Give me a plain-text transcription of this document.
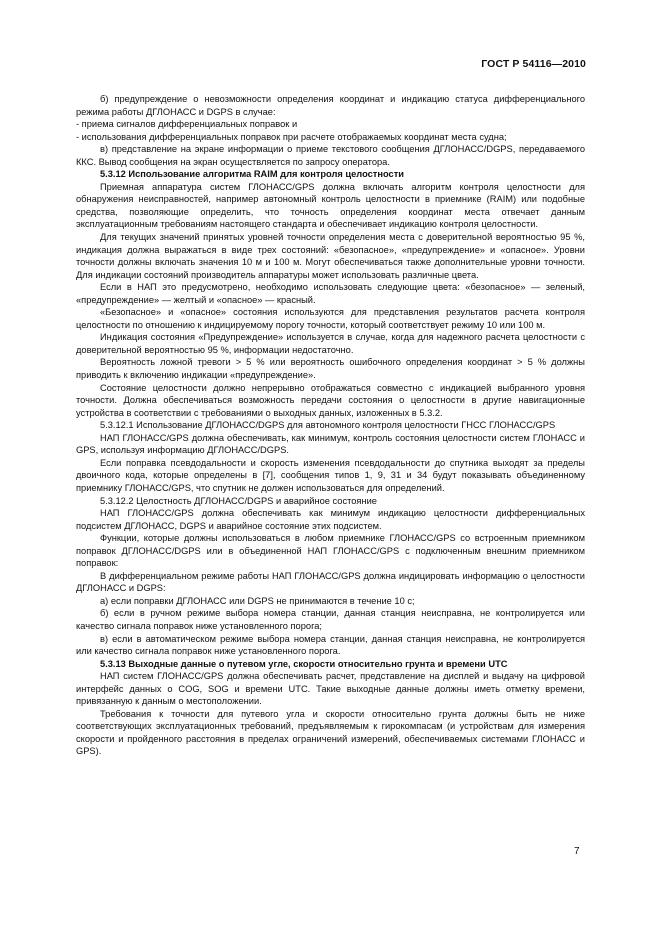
ГОСТ Р 54116—2010

б) предупреждение о невозможности определения координат и индикацию статуса дифференциального режима работы ДГЛОНАСС и DGPS в случае:

- приема сигналов дифференциальных поправок и

- использования дифференциальных поправок при расчете отображаемых координат места судна;

в) представление на экране информации о приеме текстового сообщения ДГЛОНАСС/DGPS, передаваемого ККС. Вывод сообщения на экран осуществляется по запросу оператора.

5.3.12 Использование алгоритма RAIM для контроля целостности

Приемная аппаратура систем ГЛОНАСС/GPS должна включать алгоритм контроля целостности для обнаружения неисправностей, например автономный контроль целостности в приемнике (RAIM) или подобные средства, позволяющие определить, что точность определения координат места отвечает данным эксплуатационным требованиям настоящего стандарта и обеспечивает индикацию контроля целостности.

Для текущих значений принятых уровней точности определения места с доверительной вероятностью 95 %, индикация должна выражаться в виде трех состояний: «безопасное», «предупреждение» и «опасное». Уровни точности должны включать значения 10 м и 100 м. Могут обеспечиваться также дополнительные уровни точности. Для индикации состояний производитель аппаратуры может использовать различные цвета.

Если в НАП это предусмотрено, необходимо использовать следующие цвета: «безопасное» — зеленый, «предупреждение» — желтый и «опасное» — красный.

«Безопасное» и «опасное» состояния используются для представления результатов расчета контроля целостности по отношению к индицируемому порогу точности, который соответствует режиму 10 или 100 м.

Индикация состояния «Предупреждение» используется в случае, когда для надежного расчета целостности с доверительной вероятностью 95 %, информации недостаточно.

Вероятность ложной тревоги > 5 % или вероятность ошибочного определения координат > 5 % должны приводить к включению индикации «предупреждение».

Состояние целостности должно непрерывно отображаться совместно с индикацией выбранного уровня точности. Должна обеспечиваться возможность передачи состояния о целостности в другие навигационные устройства в соответствии с требованиями о выходных данных, изложенных в 5.3.2.

5.3.12.1 Использование ДГЛОНАСС/DGPS для автономного контроля целостности ГНСС ГЛОНАСС/GPS

НАП ГЛОНАСС/GPS должна обеспечивать, как минимум, контроль состояния целостности систем ГЛОНАСС и GPS, используя информацию ДГЛОНАСС/DGPS.

Если поправка псевдодальности и скорость изменения псевдодальности до спутника выходят за пределы двоичного кода, которые определены в [7], сообщения типов 1, 9, 31 и 34 будут показывать объединенному приемнику ГЛОНАСС/GPS, что спутник не должен использоваться для определений.

5.3.12.2 Целостность ДГЛОНАСС/DGPS и аварийное состояние

НАП ГЛОНАСС/GPS должна обеспечивать как минимум индикацию целостности дифференциальных подсистем ДГЛОНАСС, DGPS и аварийное состояние этих подсистем.

Функции, которые должны использоваться в любом приемнике ГЛОНАСС/GPS со встроенным приемником поправок ДГЛОНАСС/DGPS или в объединенной НАП ГЛОНАСС/GPS с подключенным внешним приемником поправок:

В дифференциальном режиме работы НАП ГЛОНАСС/GPS должна индицировать информацию о целостности ДГЛОНАСС и DGPS:

а) если поправки ДГЛОНАСС или DGPS не принимаются в течение 10 с;

б) если в ручном режиме выбора номера станции, данная станция неисправна, не контролируется или качество сигнала поправок ниже установленного порога;

в) если в автоматическом режиме выбора номера станции, данная станция неисправна, не контролируется или качество сигнала поправок ниже установленного порога.

5.3.13 Выходные данные о путевом угле, скорости относительно грунта и времени UTC

НАП систем ГЛОНАСС/GPS должна обеспечивать расчет, представление на дисплей и выдачу на цифровой интерфейс данных о COG, SOG и времени UTC. Такие выходные данные должны иметь отметку времени, привязанную к данным о местоположении.

Требования к точности для путевого угла и скорости относительно грунта должны быть не ниже соответствующих эксплуатационных требований, предъявляемым к гирокомпасам (и устройствам для измерения скорости и пройденного расстояния в пределах ограничений измерений, обеспечиваемых системами ГЛОНАСС и GPS).

7
